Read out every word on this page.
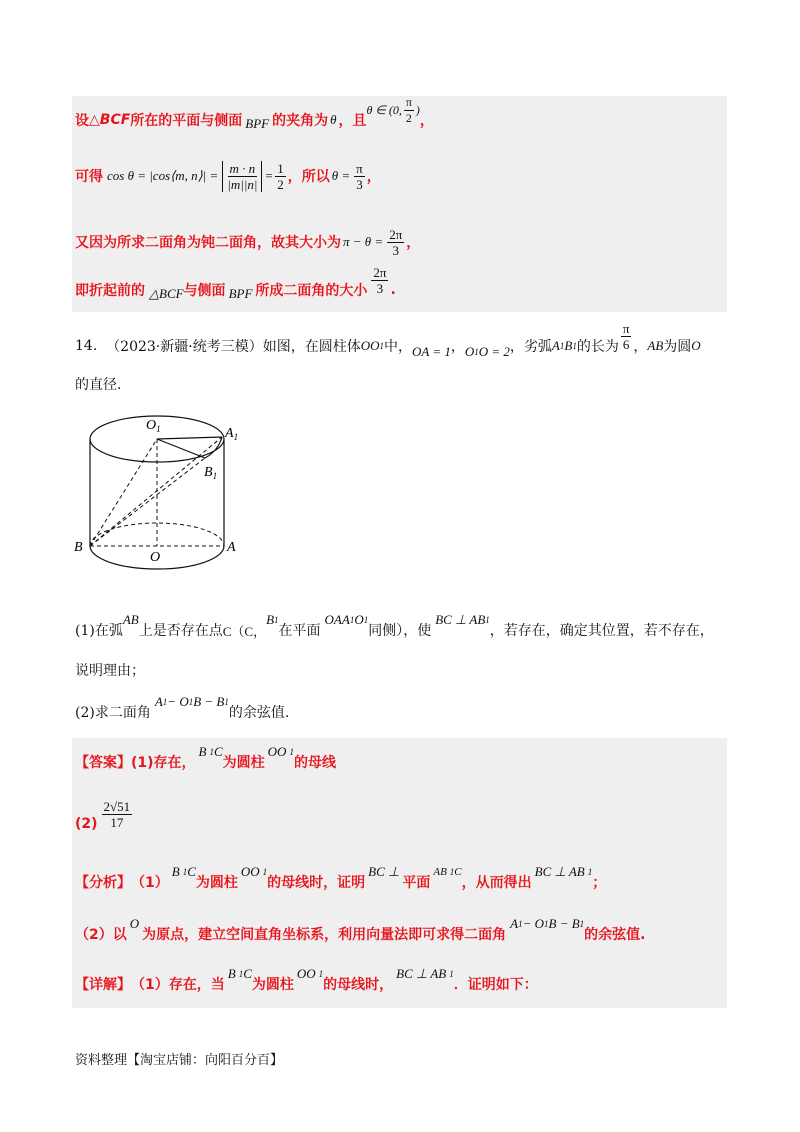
设 △ BCF 所在的平面与侧面 BPF 的夹角为 θ ，且
θ ∈ (0, $\frac{\pi}{2}$ )
，
可得 cos θ = |cos⟨m, n⟩| = $\frac{m \cdot n}{|m||n|} = \frac{1}{2}$ ，所以 $\theta = \frac{\pi}{3}$ ，
又因为所求二面角为钝二面角，故其大小为 $\pi - \theta = \frac{2\pi}{3}$ ，
即折起前的 △ BCF 与侧面 BPF 所成二面角的大小 $\frac{2\pi}{3}$ .
14.
（2023·新疆·统考三模）如图，在圆柱体 OO 1 中， OA = 1 ， O 1 O = 2 ，劣弧 A 1 B 1 的长为 $\frac{\pi}{6}$ ， AB 为圆 O
的直径.
$O_1$	$A_1$
$B_1$
B
O
A
(1)在弧
AB
上是否存在点 C（C，
B 1
在平面
OAA 1 O 1
同侧），使
BC ⊥ AB 1
，若存在，确定其位置，若不存在，
说明理由；
(2)求二面角
A 1 − O 1 B − B 1
的余弦值.
【答案】 (1)存在，
B 1 C
为圆柱
OO 1
的母线
$(2) \frac{2√51}{17}$
【分析】 （1）
B 1 C
为圆柱
OO 1
的母线时，证明
BC ⊥
平面
AB 1 C
，从而得出
BC ⊥ AB 1
；
（2）以
O
为原点，建立空间直角坐标系，利用向量法即可求得二面角
A 1 − O 1 B − B 1
的余弦值.
【详解】 （1）存在，当
B 1 C
为圆柱
OO 1
的母线时，
BC ⊥ AB 1
．证明如下：
资料整理【淘宝店铺：向阳百分百】
